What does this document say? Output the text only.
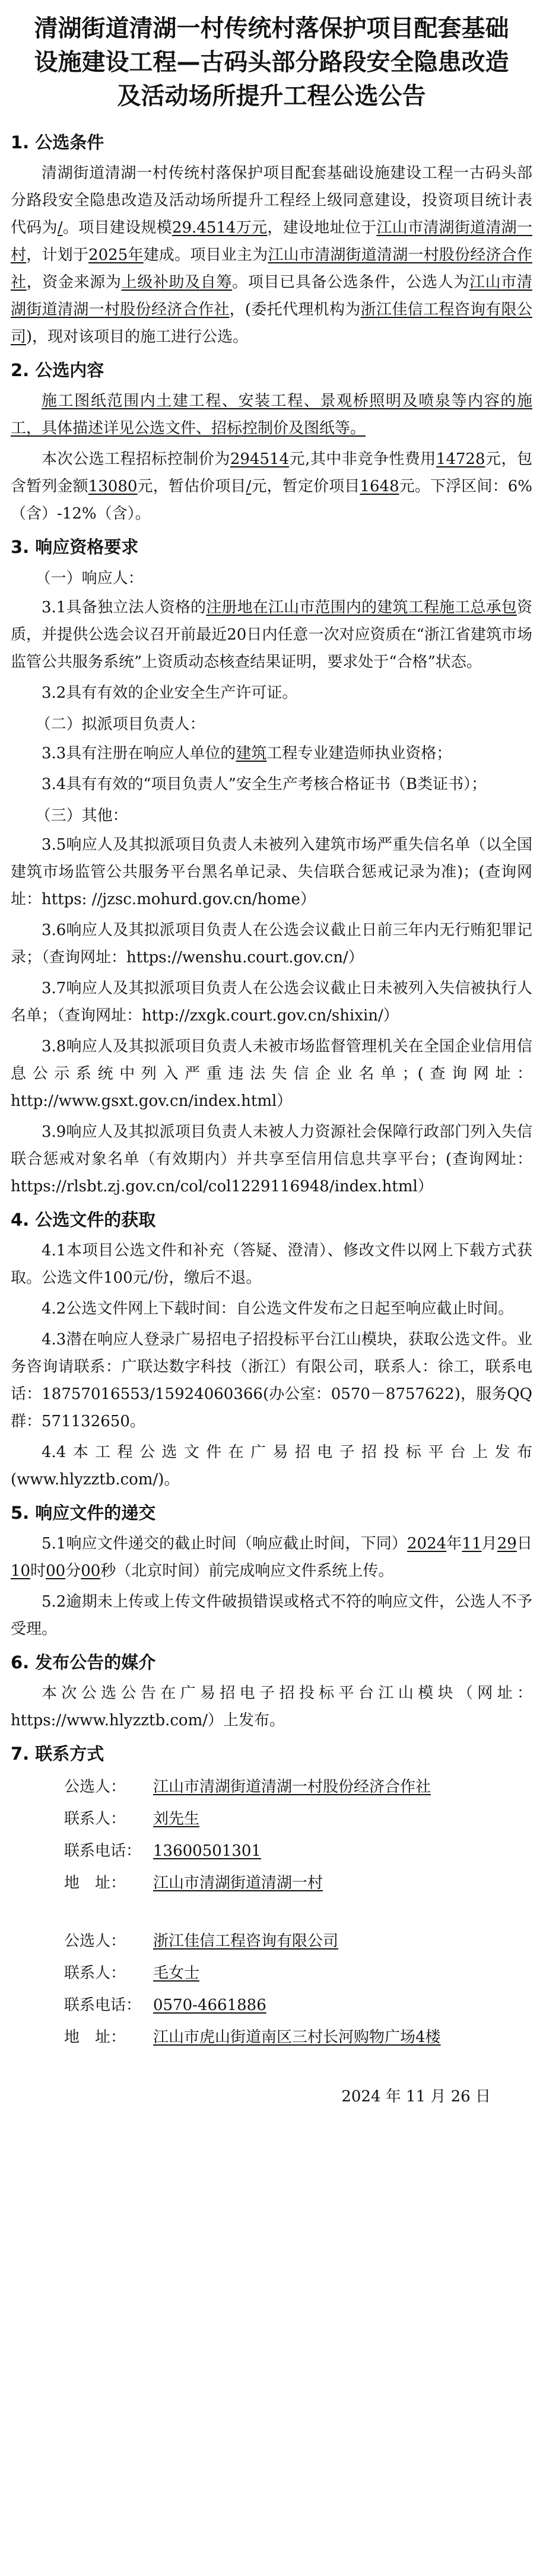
清湖街道清湖一村传统村落保护项目配套基础
设施建设工程—古码头部分路段安全隐患改造
及活动场所提升工程公选公告
1. 公选条件
清湖街道清湖一村传统村落保护项目配套基础设施建设工程一古码头部分路段安全隐患改造及活动场所提升工程经上级同意建设，投资项目统计表代码为/。项目建设规模29.4514万元，建设地址位于江山市清湖街道清湖一村，计划于2025年建成。项目业主为江山市清湖街道清湖一村股份经济合作社，资金来源为上级补助及自筹。项目已具备公选条件，公选人为江山市清湖街道清湖一村股份经济合作社，(委托代理机构为浙江佳信工程咨询有限公司)，现对该项目的施工进行公选。
2. 公选内容
施工图纸范围内土建工程、安装工程、景观桥照明及喷泉等内容的施工，具体描述详见公选文件、招标控制价及图纸等。
本次公选工程招标控制价为294514元,其中非竞争性费用14728元，包含暂列金额13080元，暂估价项目/元，暂定价项目1648元。下浮区间：6%（含）-12%（含）。
3. 响应资格要求
（一）响应人：
3.1具备独立法人资格的注册地在江山市范围内的建筑工程施工总承包资质，并提供公选会议召开前最近20日内任意一次对应资质在“浙江省建筑市场监管公共服务系统”上资质动态核查结果证明，要求处于“合格”状态。
3.2具有有效的企业安全生产许可证。
（二）拟派项目负责人：
3.3具有注册在响应人单位的建筑工程专业建造师执业资格；
3.4具有有效的“项目负责人”安全生产考核合格证书（B类证书）；
（三）其他：
3.5响应人及其拟派项目负责人未被列入建筑市场严重失信名单（以全国建筑市场监管公共服务平台黑名单记录、失信联合惩戒记录为准)；(查询网址：https: //jzsc.mohurd.gov.cn/home）
3.6响应人及其拟派项目负责人在公选会议截止日前三年内无行贿犯罪记录；（查询网址：https://wenshu.court.gov.cn/）
3.7响应人及其拟派项目负责人在公选会议截止日未被列入失信被执行人名单；（查询网址：http://zxgk.court.gov.cn/shixin/）
3.8响应人及其拟派项目负责人未被市场监督管理机关在全国企业信用信息公示系统中列入严重违法失信企业名单；(查询网址：http://www.gsxt.gov.cn/index.html）
3.9响应人及其拟派项目负责人未被人力资源社会保障行政部门列入失信联合惩戒对象名单（有效期内）并共享至信用信息共享平台；(查询网址：https://rlsbt.zj.gov.cn/col/col1229116948/index.html）
4. 公选文件的获取
4.1本项目公选文件和补充（答疑、澄清）、修改文件以网上下载方式获取。公选文件100元/份，缴后不退。
4.2公选文件网上下载时间：自公选文件发布之日起至响应截止时间。
4.3潜在响应人登录广易招电子招投标平台江山模块，获取公选文件。业务咨询请联系：广联达数字科技（浙江）有限公司，联系人：徐工，联系电话：18757016553/15924060366(办公室：0570－8757622)，服务QQ群：571132650。
4.4本工程公选文件在广易招电子招投标平台上发布(www.hlyzztb.com/)。
5. 响应文件的递交
5.1响应文件递交的截止时间（响应截止时间，下同）2024年11月29日10时00分00秒（北京时间）前完成响应文件系统上传。
5.2逾期未上传或上传文件破损错误或格式不符的响应文件，公选人不予受理。
6. 发布公告的媒介
本次公选公告在广易招电子招投标平台江山模块（网址：https://www.hlyzztb.com/）上发布。
7. 联系方式
公选人： 江山市清湖街道清湖一村股份经济合作社
联系人： 刘先生
联系电话： 13600501301
地　址： 江山市清湖街道清湖一村
公选人： 浙江佳信工程咨询有限公司
联系人： 毛女士
联系电话： 0570-4661886
地　址： 江山市虎山街道南区三村长河购物广场4楼
2024 年 11 月 26 日
